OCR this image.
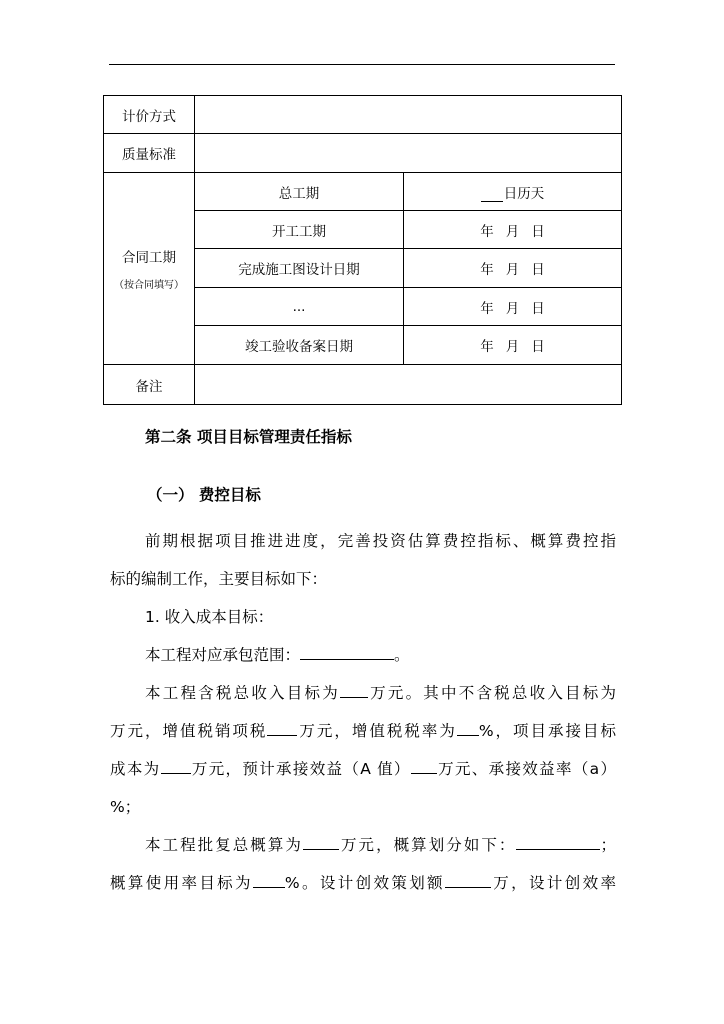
计价方式		
质量标准		
合同工期
（按合同填写）	总工期	日历天
	开工工期	年 月 日
	完成施工图设计日期	年 月 日
	...	年 月 日
	竣工验收备案日期	年 月 日
备注		
第二条 项目目标管理责任指标
（一） 费控目标
前期根据项目推进进度，完善投资估算费控指标、概算费控指
标的编制工作，主要目标如下：
1. 收入成本目标：
本工程对应承包范围：	。
本工程含税总收入目标为 万元。其中不含税总收入目标为
万元，增值税销项税 万元，增值税税率为 %，项目承接目标
成本为 万元，预计承接效益（A 值） 万元、承接效益率（a）
%；
本工程批复总概算为 万元，概算划分如下：	；
概算使用率目标为 %。设计创效策划额	万，设计创效率
